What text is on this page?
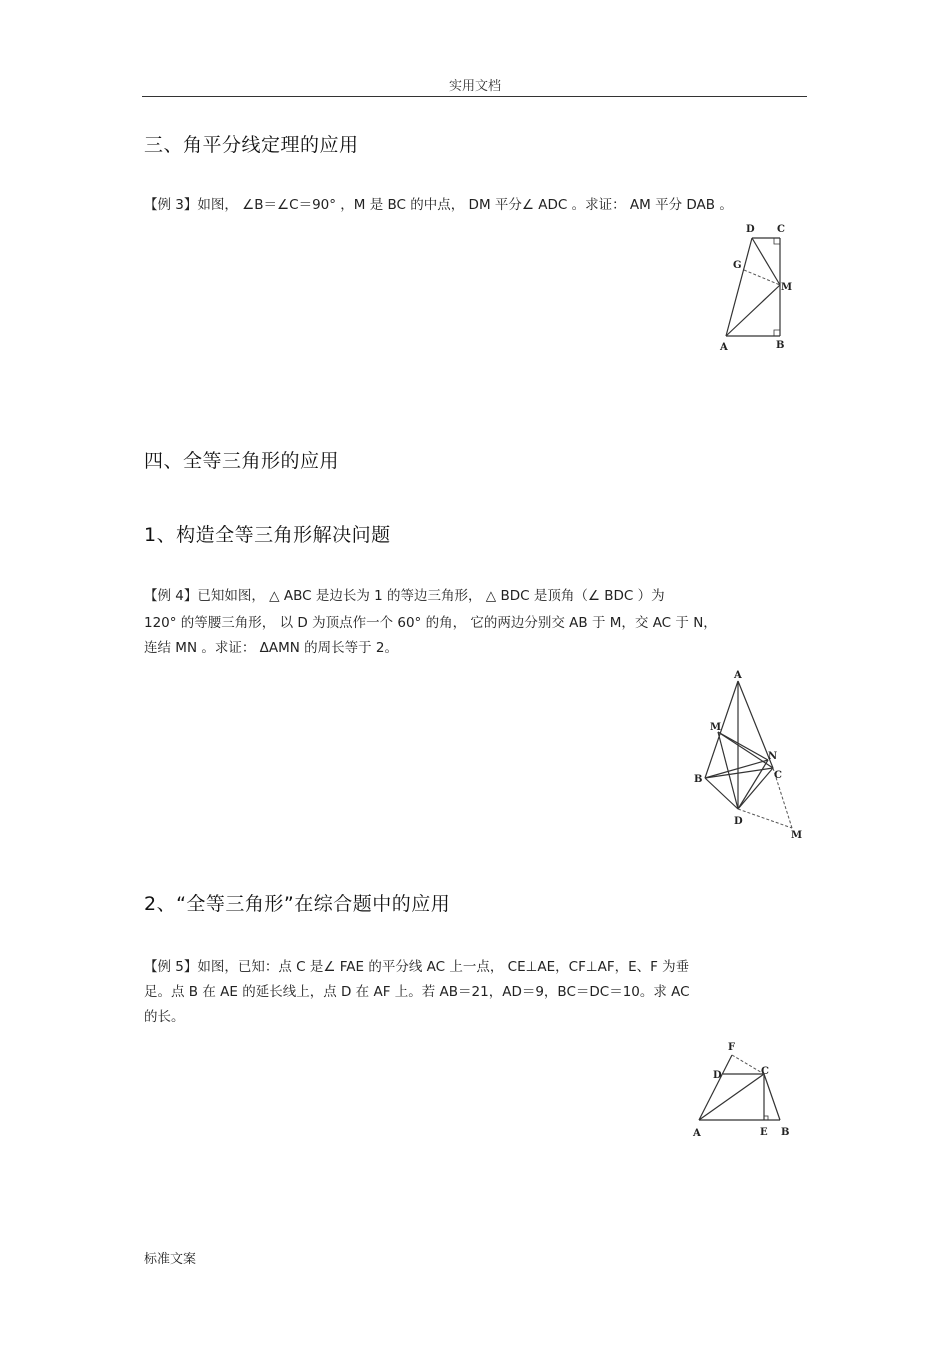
实用文档
三、角平分线定理的应用
【例 3】如图， ∠B＝∠C＝90° ，M 是 BC 的中点， DM 平分∠ ADC 。求证： AM 平分 DAB 。
D C
G
M
A	B
四、全等三角形的应用
1、构造全等三角形解决问题
【例 4】已知如图， △ ABC 是边长为 1 的等边三角形， △ BDC 是顶角（∠ BDC ）为
120° 的等腰三角形， 以 D 为顶点作一个 60° 的角， 它的两边分别交 AB 于 M，交 AC 于 N，
连结 MN 。求证： ΔAMN 的周长等于 2。
A
M
N
B	C
D
M
2、“全等三角形”在综合题中的应用
【例 5】如图，已知：点 C 是∠ FAE 的平分线 AC 上一点， CE⊥AE，CF⊥AF，E、F 为垂
足。点 B 在 AE 的延长线上，点 D 在 AF 上。若 AB＝21，AD＝9，BC＝DC＝10。求 AC
的长。
F
D	C
A	E B
标准文案
